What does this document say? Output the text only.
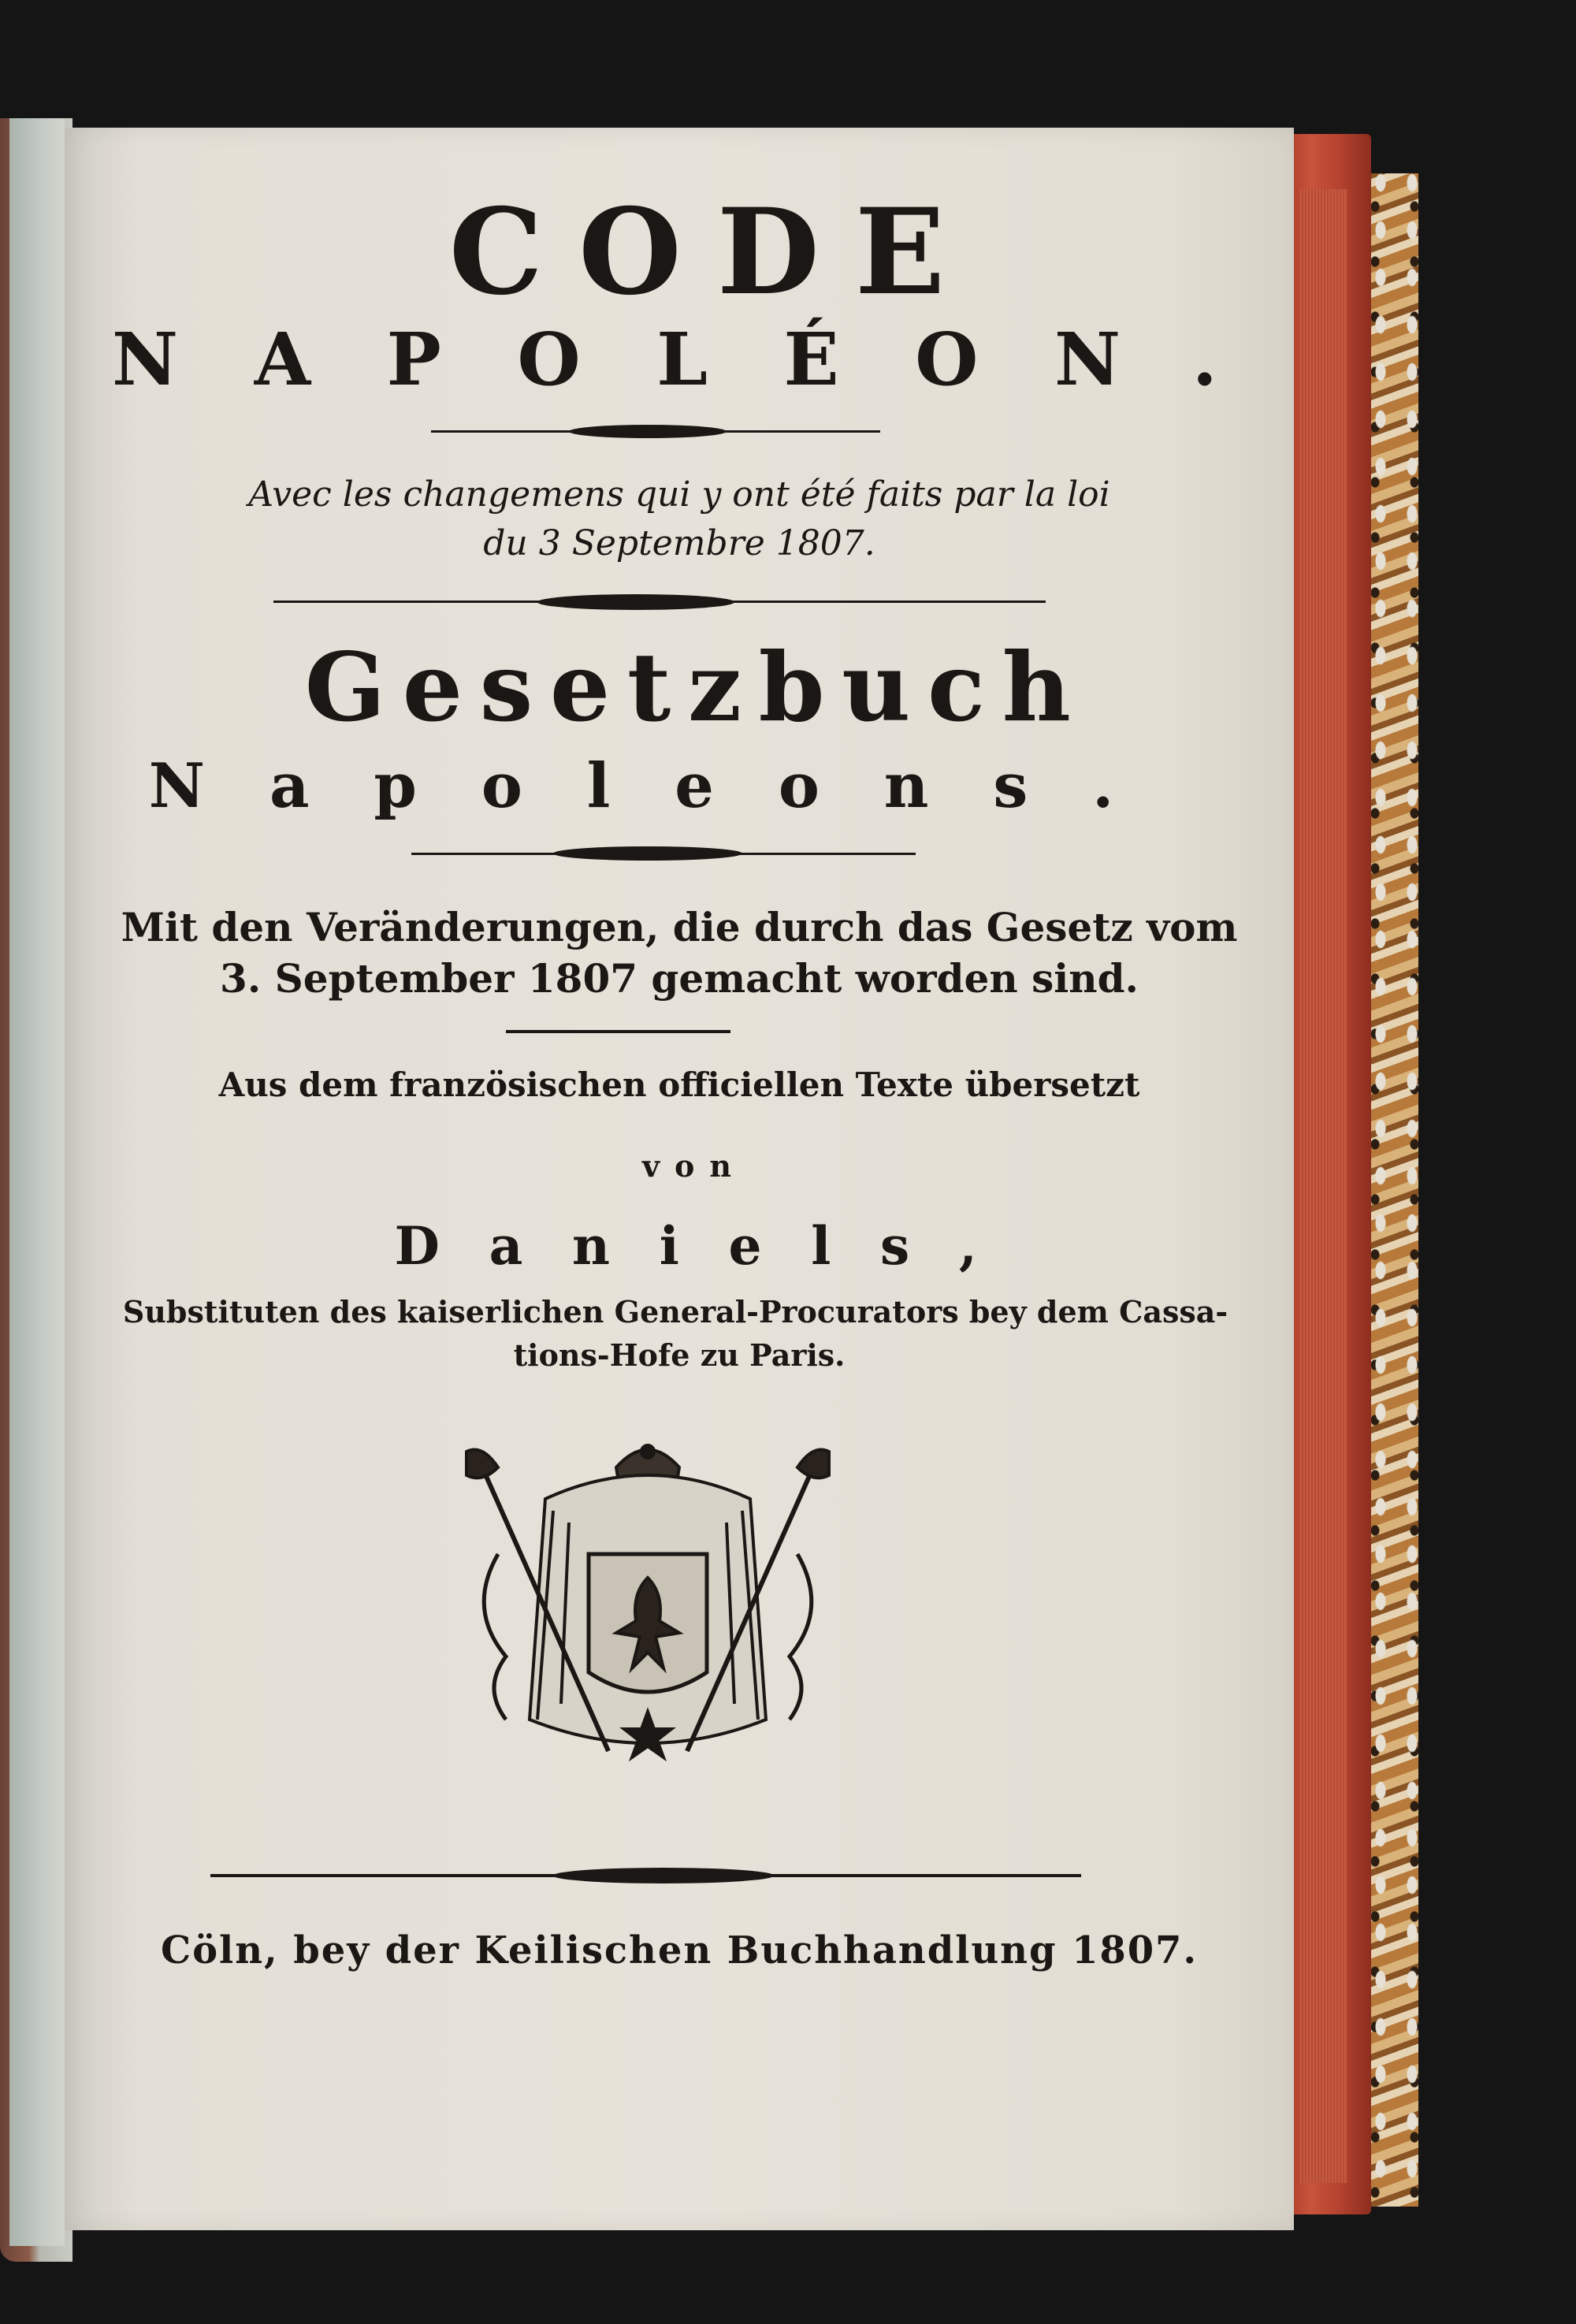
CODE
NAPOLÉON.
Avec les changemens qui y ont été faits par la loi
du 3 Septembre 1807.
Gesetzbuch
Napoleons.
Mit den Veränderungen, die durch das Gesetz vom
3. September 1807 gemacht worden sind.
Aus dem französischen officiellen Texte übersetzt
von
Daniels,
Substituten des kaiserlichen General-Procurators bey dem Cassa-
tions-Hofe zu Paris.
Cöln, bey der Keilischen Buchhandlung 1807.
